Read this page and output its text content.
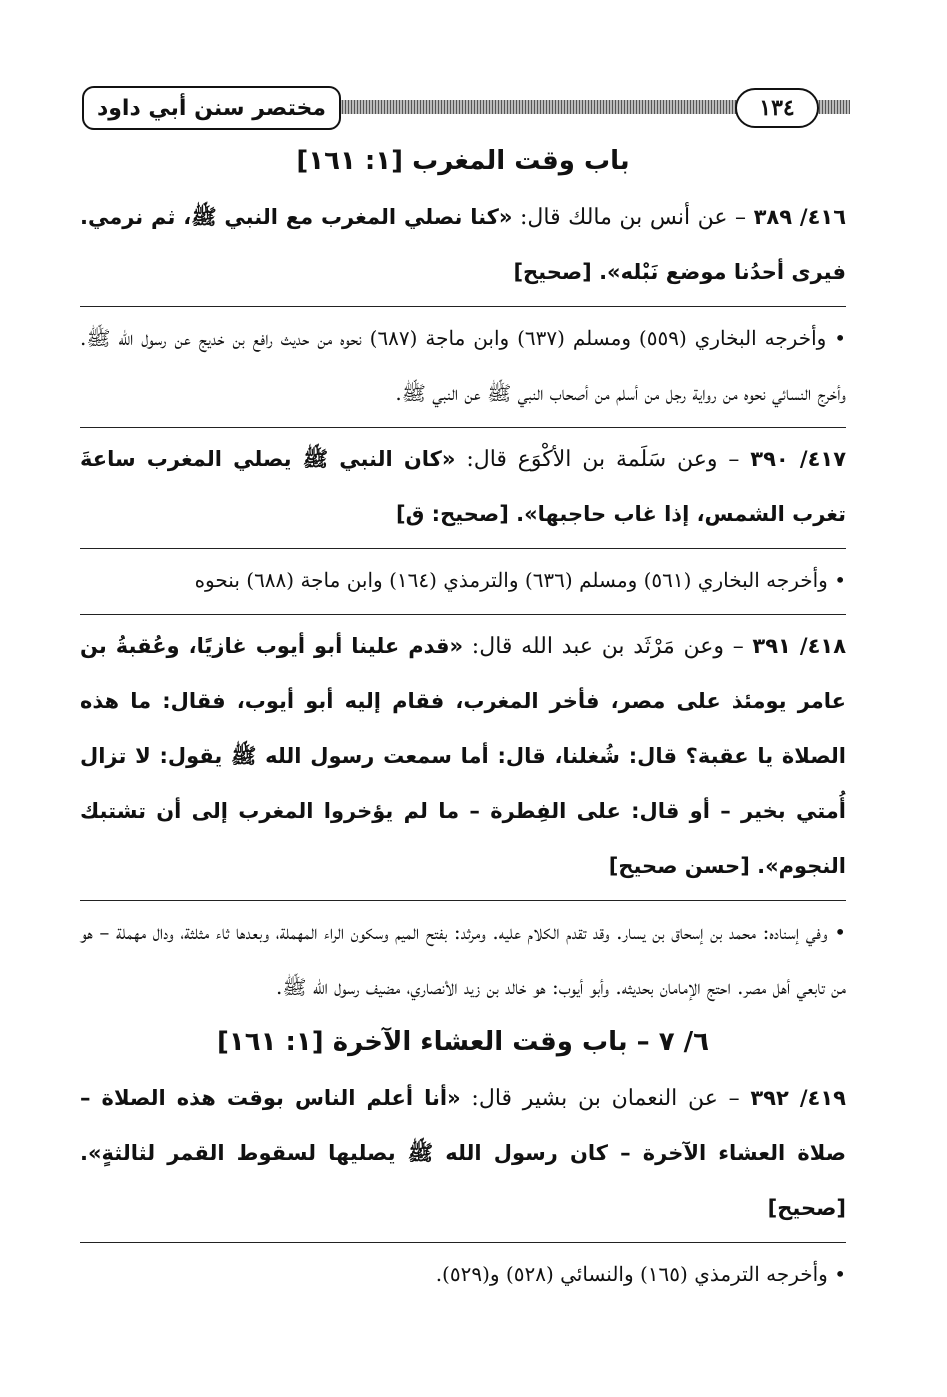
مختصر سنن أبي داود	١٣٤
باب وقت المغرب [١: ١٦١]

٤١٦/ ٣٨٩ – عن أنس بن مالك قال: «كنا نصلي المغرب مع النبي ﷺ، ثم نرمي. فيرى أحدُنا موضع نَبْله». [صحيح]

• وأخرجه البخاري (٥٥٩) ومسلم (٦٣٧) وابن ماجة (٦٨٧) نحوه من حديث رافع بن خديج عن رسول الله ﷺ. وأخرج النسائي نحوه من رواية رجل من أسلم من أصحاب النبي ﷺ عن النبي ﷺ.

٤١٧/ ٣٩٠ – وعن سَلَمة بن الأكْوَع قال: «كان النبي ﷺ يصلي المغرب ساعةَ تغرب الشمس، إذا غاب حاجبها». [صحيح: ق]

• وأخرجه البخاري (٥٦١) ومسلم (٦٣٦) والترمذي (١٦٤) وابن ماجة (٦٨٨) بنحوه

٤١٨/ ٣٩١ – وعن مَرْثَد بن عبد الله قال: «قدم علينا أبو أيوب غازيًا، وعُقبةُ بن عامر يومئذ على مصر، فأخر المغرب، فقام إليه أبو أيوب، فقال: ما هذه الصلاة يا عقبة؟ قال: شُغلنا، قال: أما سمعت رسول الله ﷺ يقول: لا تزال أُمتي بخير – أو قال: على الفِطرة – ما لم يؤخروا المغرب إلى أن تشتبك النجوم». [حسن صحيح]

• وفي إسناده: محمد بن إسحاق بن يسار. وقد تقدم الكلام عليه. ومرثد: بفتح الميم وسكون الراء المهملة، وبعدها ثاء مثلثة، ودال مهملة – هو من تابعي أهل مصر. احتج الإمامان بحديثه. وأبو أيوب: هو خالد بن زيد الأنصاري، مضيف رسول الله ﷺ.

٦/ ٧ – باب وقت العشاء الآخرة [١: ١٦١]

٤١٩/ ٣٩٢ – عن النعمان بن بشير قال: «أنا أعلم الناس بوقت هذه الصلاة – صلاة العشاء الآخرة – كان رسول الله ﷺ يصليها لسقوط القمر لثالثةٍ». [صحيح]

• وأخرجه الترمذي (١٦٥) والنسائي (٥٢٨) و(٥٢٩).
